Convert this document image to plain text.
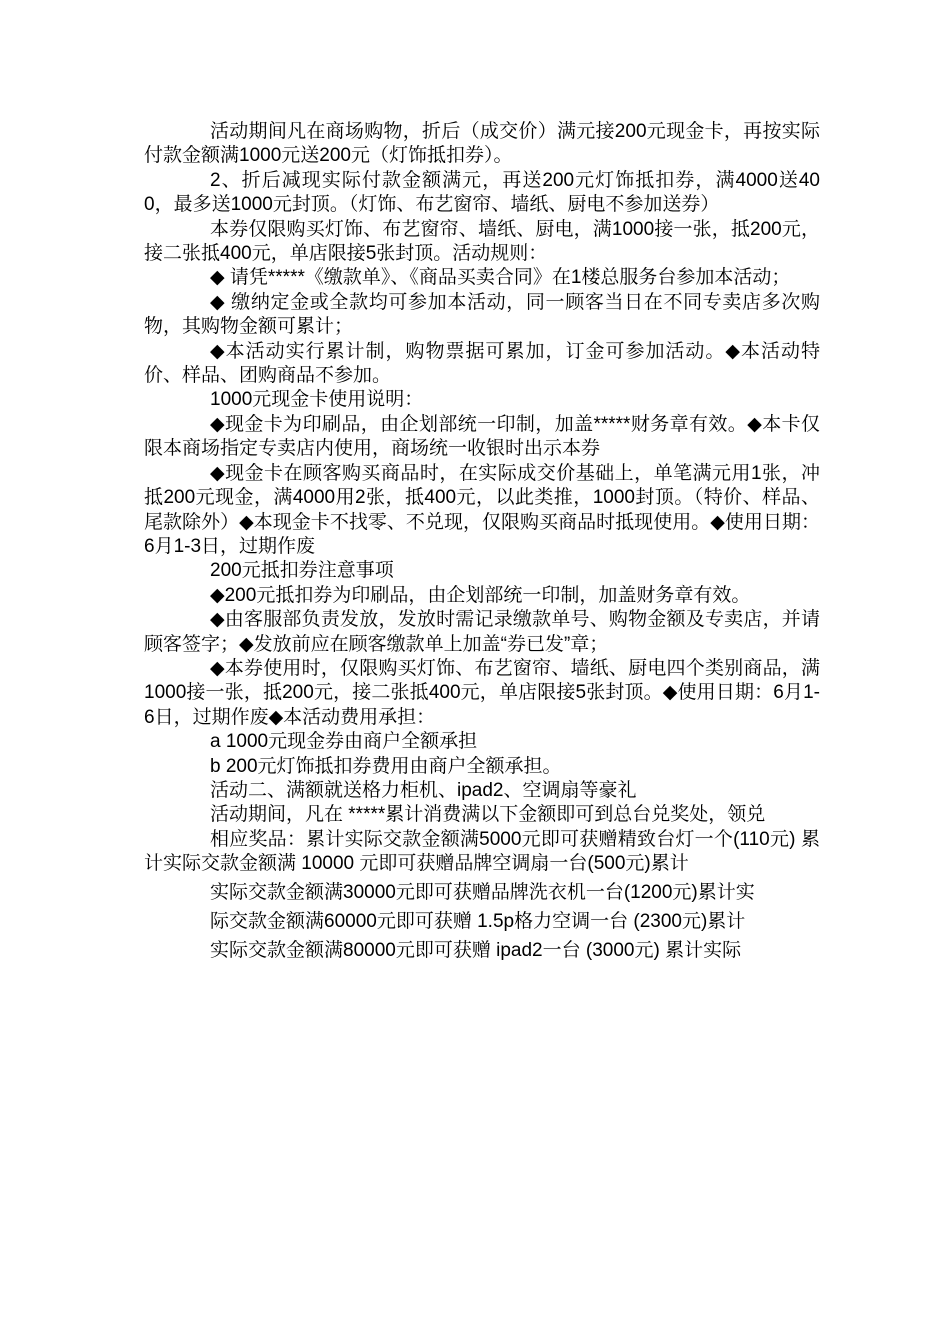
活动期间凡在商场购物，折后（成交价）满元接200元现金卡，再按实际付款金额满1000元送200元（灯饰抵扣券）。

2、折后减现实际付款金额满元，再送200元灯饰抵扣券，满4000送400，最多送1000元封顶。（灯饰、布艺窗帘、墙纸、厨电不参加送券）

本券仅限购买灯饰、布艺窗帘、墙纸、厨电，满1000接一张，抵200元，接二张抵400元，单店限接5张封顶。活动规则：

◆ 请凭*****《缴款单》、《商品买卖合同》在1楼总服务台参加本活动；

◆ 缴纳定金或全款均可参加本活动，同一顾客当日在不同专卖店多次购物，其购物金额可累计；

◆本活动实行累计制，购物票据可累加，订金可参加活动。◆本活动特价、样品、团购商品不参加。

1000元现金卡使用说明：

◆现金卡为印刷品，由企划部统一印制，加盖*****财务章有效。◆本卡仅限本商场指定专卖店内使用，商场统一收银时出示本券

◆现金卡在顾客购买商品时，在实际成交价基础上，单笔满元用1张，冲抵200元现金，满4000用2张，抵400元，以此类推，1000封顶。（特价、样品、尾款除外）◆本现金卡不找零、不兑现，仅限购买商品时抵现使用。◆使用日期：6月1-3日，过期作废

200元抵扣券注意事项

◆200元抵扣券为印刷品，由企划部统一印制，加盖财务章有效。

◆由客服部负责发放，发放时需记录缴款单号、购物金额及专卖店，并请顾客签字；◆发放前应在顾客缴款单上加盖“券已发”章；

◆本券使用时，仅限购买灯饰、布艺窗帘、墙纸、厨电四个类别商品，满1000接一张，抵200元，接二张抵400元，单店限接5张封顶。◆使用日期：6月1-6日，过期作废◆本活动费用承担：

a 1000元现金券由商户全额承担

b 200元灯饰抵扣券费用由商户全额承担。

活动二、满额就送格力柜机、ipad2、空调扇等豪礼

活动期间，凡在 *****累计消费满以下金额即可到总台兑奖处，领兑

相应奖品：累计实际交款金额满5000元即可获赠精致台灯一个(110元) 累计实际交款金额满 10000 元即可获赠品牌空调扇一台(500元)累计

实际交款金额满30000元即可获赠品牌洗衣机一台(1200元)累计实

际交款金额满60000元即可获赠 1.5p格力空调一台 (2300元)累计

实际交款金额满80000元即可获赠 ipad2一台 (3000元) 累计实际
